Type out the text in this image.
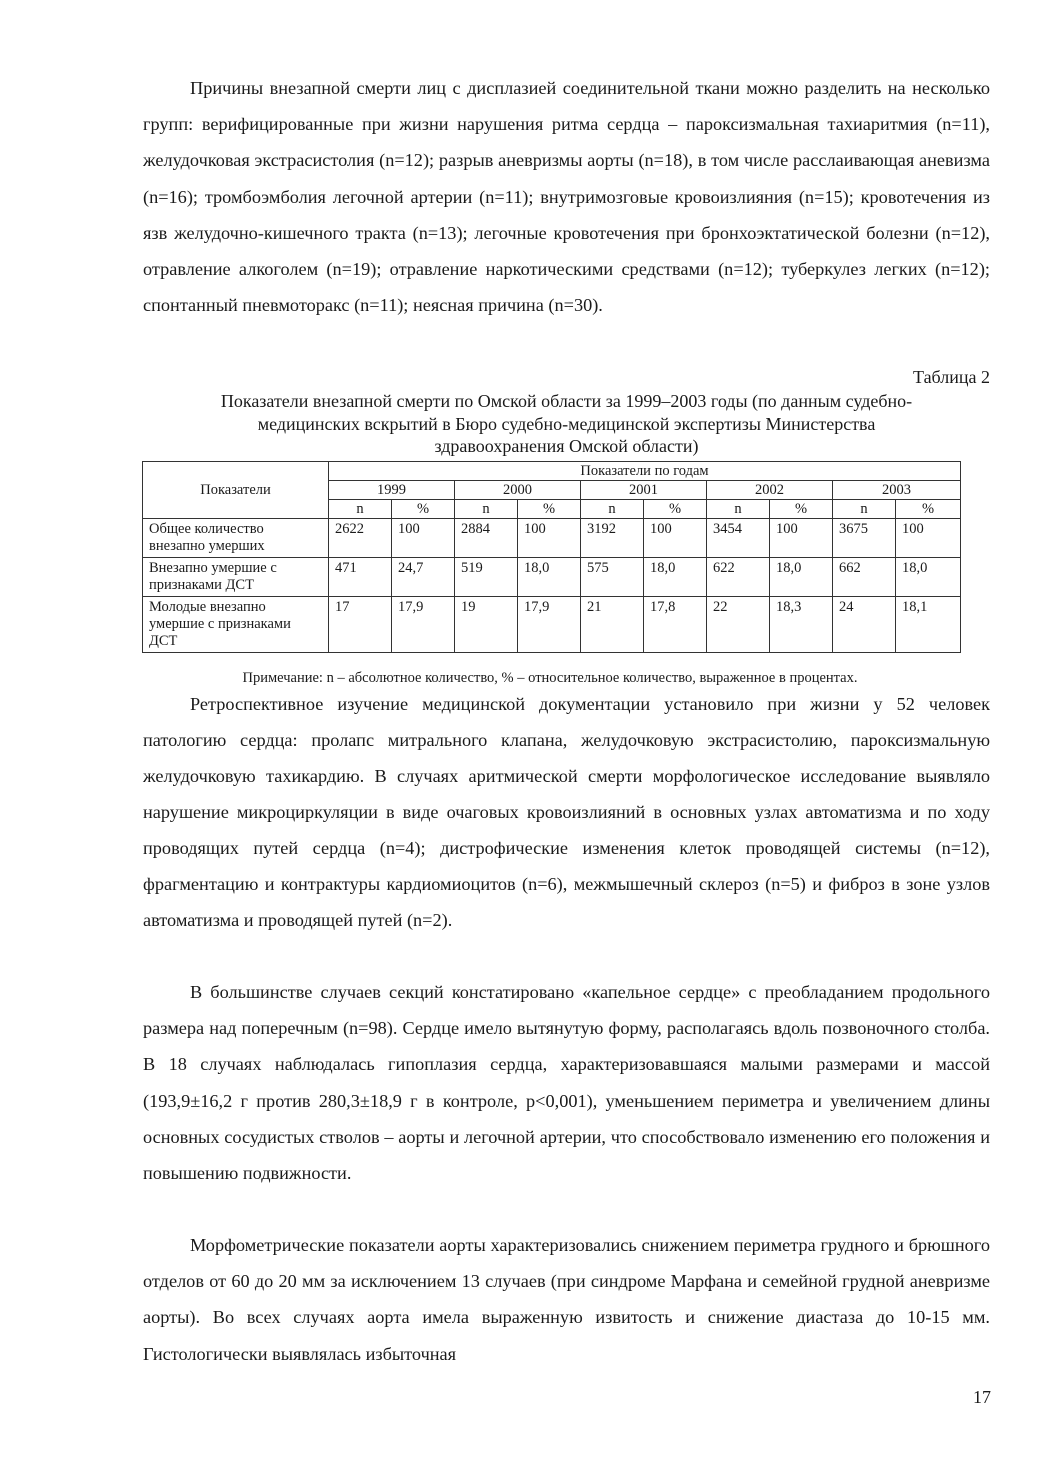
Причины внезапной смерти лиц с дисплазией соединительной ткани можно разделить на несколько групп: верифицированные при жизни нарушения ритма сердца – пароксизмальная тахиаритмия (n=11), желудочковая экстрасистолия (n=12); разрыв аневризмы аорты (n=18), в том числе расслаивающая аневизма (n=16); тромбоэмболия легочной артерии (n=11); внутримозговые кровоизлияния (n=15); кровотечения из язв желудочно-кишечного тракта (n=13); легочные кровотечения при бронхоэктатической болезни (n=12), отравление алкоголем (n=19); отравление наркотическими средствами (n=12); туберкулез легких (n=12); спонтанный пневмоторакс (n=11); неясная причина (n=30).

Таблица 2
Показатели внезапной смерти по Омской области за 1999–2003 годы (по данным судебно-
медицинских вскрытий в Бюро судебно-медицинской экспертизы Министерства
здравоохранения Омской области)
Показатели	Показатели по годам									
	1999		2000		2001		2002		2003	
	n	%	n	%	n	%	n	%	n	%
Общее количество внезапно умерших	2622	100	2884	100	3192	100	3454	100	3675	100
Внезапно умершие с признаками ДСТ	471	24,7	519	18,0	575	18,0	622	18,0	662	18,0
Молодые внезапно умершие с признаками ДСТ	17	17,9	19	17,9	21	17,8	22	18,3	24	18,1
Примечание: n – абсолютное количество, % – относительное количество, выраженное в процентах.

Ретроспективное изучение медицинской документации установило при жизни у 52 человек патологию сердца: пролапс митрального клапана, желудочковую экстрасистолию, пароксизмальную желудочковую тахикардию. В случаях аритмической смерти морфологическое исследование выявляло нарушение микроциркуляции в виде очаговых кровоизлияний в основных узлах автоматизма и по ходу проводящих путей сердца (n=4); дистрофические изменения клеток проводящей системы (n=12), фрагментацию и контрактуры кардиомиоцитов (n=6), межмышечный склероз (n=5) и фиброз в зоне узлов автоматизма и проводящей путей (n=2).

В большинстве случаев секций констатировано «капельное сердце» с преобладанием продольного размера над поперечным (n=98). Сердце имело вытянутую форму, располагаясь вдоль позвоночного столба. В 18 случаях наблюдалась гипоплазия сердца, характеризовавшаяся малыми размерами и массой (193,9±16,2 г против 280,3±18,9 г в контроле, p<0,001), уменьшением периметра и увеличением длины основных сосудистых стволов – аорты и легочной артерии, что способствовало изменению его положения и повышению подвижности.

Морфометрические показатели аорты характеризовались снижением периметра грудного и брюшного отделов от 60 до 20 мм за исключением 13 случаев (при синдроме Марфана и семейной грудной аневризме аорты). Во всех случаях аорта имела выраженную извитость и снижение диастаза до 10-15 мм. Гистологически выявлялась избыточная

17
